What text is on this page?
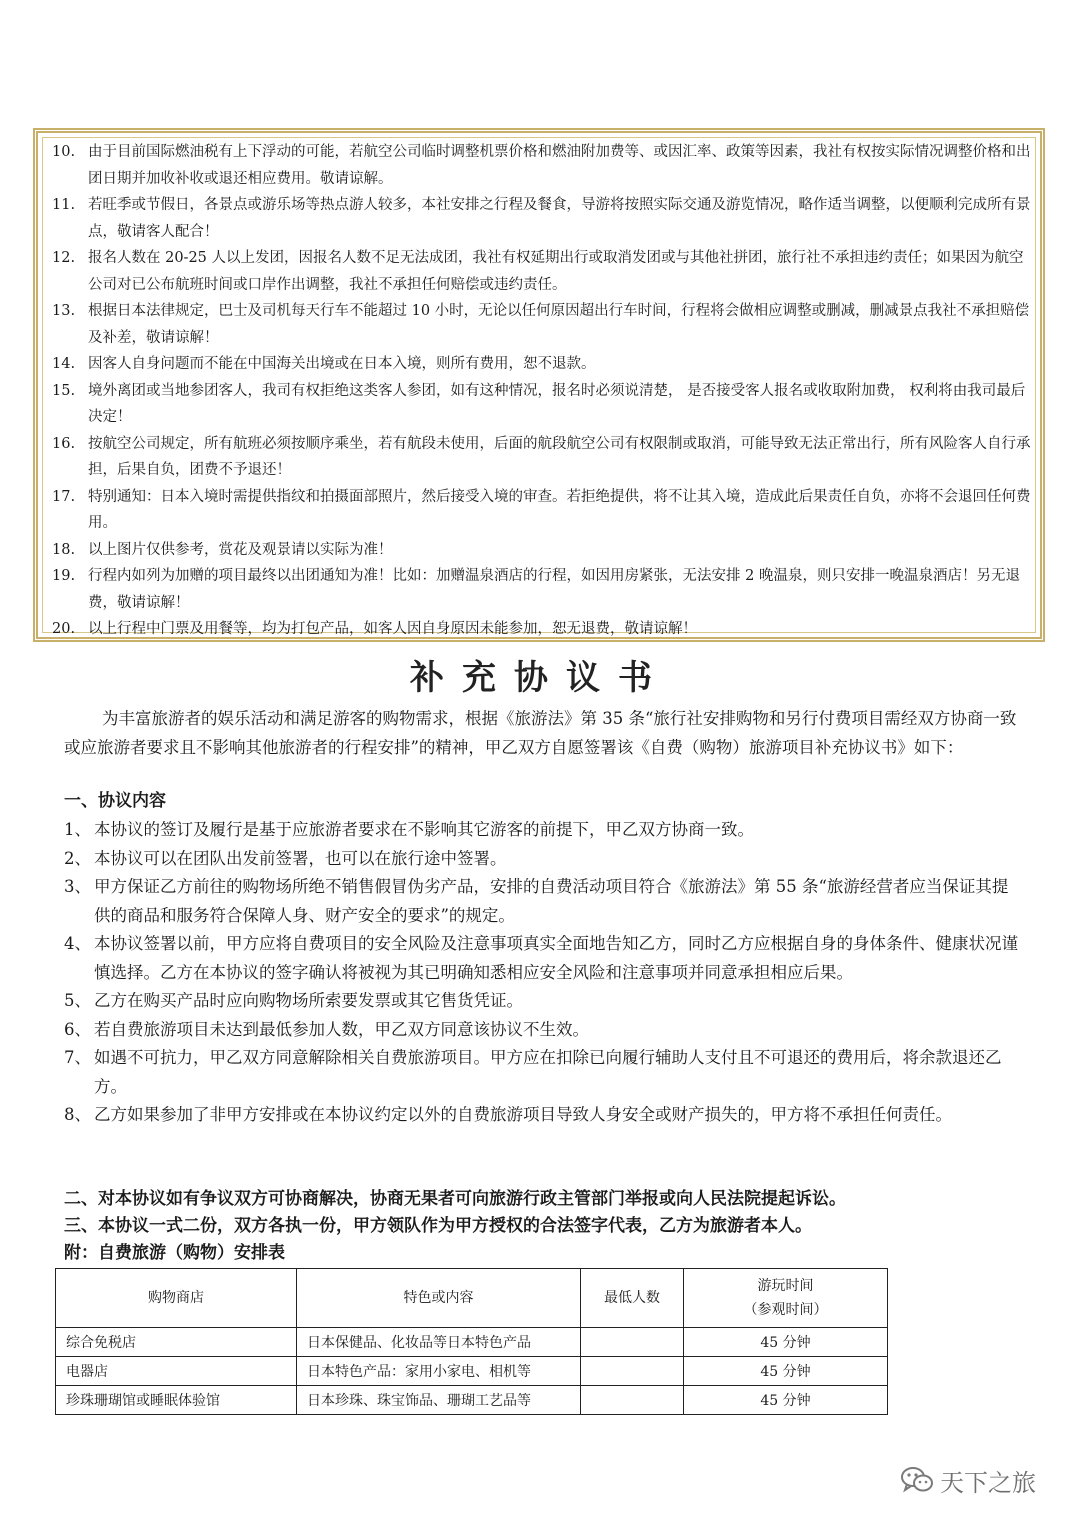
10. 由于目前国际燃油税有上下浮动的可能，若航空公司临时调整机票价格和燃油附加费等、或因汇率、政策等因素，我社有权按实际情况调整价格和出团日期并加收补收或退还相应费用。敬请谅解。
11. 若旺季或节假日，各景点或游乐场等热点游人较多，本社安排之行程及餐食，导游将按照实际交通及游览情况，略作适当调整，以便顺利完成所有景点，敬请客人配合！
12. 报名人数在 20-25 人以上发团，因报名人数不足无法成团，我社有权延期出行或取消发团或与其他社拼团，旅行社不承担违约责任；如果因为航空公司对已公布航班时间或口岸作出调整，我社不承担任何赔偿或违约责任。
13. 根据日本法律规定，巴士及司机每天行车不能超过 10 小时，无论以任何原因超出行车时间，行程将会做相应调整或删减，删减景点我社不承担赔偿及补差，敬请谅解！
14. 因客人自身问题而不能在中国海关出境或在日本入境，则所有费用，恕不退款。
15. 境外离团或当地参团客人，我司有权拒绝这类客人参团，如有这种情况，报名时必须说清楚， 是否接受客人报名或收取附加费， 权利将由我司最后决定！
16. 按航空公司规定，所有航班必须按顺序乘坐，若有航段未使用，后面的航段航空公司有权限制或取消，可能导致无法正常出行，所有风险客人自行承担，后果自负，团费不予退还！
17. 特别通知：日本入境时需提供指纹和拍摄面部照片，然后接受入境的审查。若拒绝提供，将不让其入境，造成此后果责任自负，亦将不会退回任何费用。
18. 以上图片仅供参考，赏花及观景请以实际为准！
19. 行程内如列为加赠的项目最终以出团通知为准！比如：加赠温泉酒店的行程，如因用房紧张，无法安排 2 晚温泉，则只安排一晚温泉酒店！另无退费，敬请谅解！
20. 以上行程中门票及用餐等，均为打包产品，如客人因自身原因未能参加，恕无退费，敬请谅解！
补充协议书
为丰富旅游者的娱乐活动和满足游客的购物需求，根据《旅游法》第 35 条“旅行社安排购物和另行付费项目需经双方协商一致或应旅游者要求且不影响其他旅游者的行程安排”的精神，甲乙双方自愿签署该《自费（购物）旅游项目补充协议书》如下：
一、协议内容
1、 本协议的签订及履行是基于应旅游者要求在不影响其它游客的前提下，甲乙双方协商一致。
2、 本协议可以在团队出发前签署，也可以在旅行途中签署。
3、 甲方保证乙方前往的购物场所绝不销售假冒伪劣产品，安排的自费活动项目符合《旅游法》第 55 条“旅游经营者应当保证其提供的商品和服务符合保障人身、财产安全的要求”的规定。
4、 本协议签署以前，甲方应将自费项目的安全风险及注意事项真实全面地告知乙方，同时乙方应根据自身的身体条件、健康状况谨慎选择。乙方在本协议的签字确认将被视为其已明确知悉相应安全风险和注意事项并同意承担相应后果。
5、 乙方在购买产品时应向购物场所索要发票或其它售货凭证。
6、 若自费旅游项目未达到最低参加人数，甲乙双方同意该协议不生效。
7、 如遇不可抗力，甲乙双方同意解除相关自费旅游项目。甲方应在扣除已向履行辅助人支付且不可退还的费用后，将余款退还乙方。
8、 乙方如果参加了非甲方安排或在本协议约定以外的自费旅游项目导致人身安全或财产损失的，甲方将不承担任何责任。
二、对本协议如有争议双方可协商解决，协商无果者可向旅游行政主管部门举报或向人民法院提起诉讼。
三、本协议一式二份，双方各执一份，甲方领队作为甲方授权的合法签字代表，乙方为旅游者本人。
附：自费旅游（购物）安排表
购物商店	特色或内容	最低人数	游玩时间
（参观时间）

综合免税店	日本保健品、化妆品等日本特色产品		45 分钟
电器店	日本特色产品：家用小家电、相机等		45 分钟
珍珠珊瑚馆或睡眠体验馆	日本珍珠、珠宝饰品、珊瑚工艺品等		45 分钟
天下之旅
